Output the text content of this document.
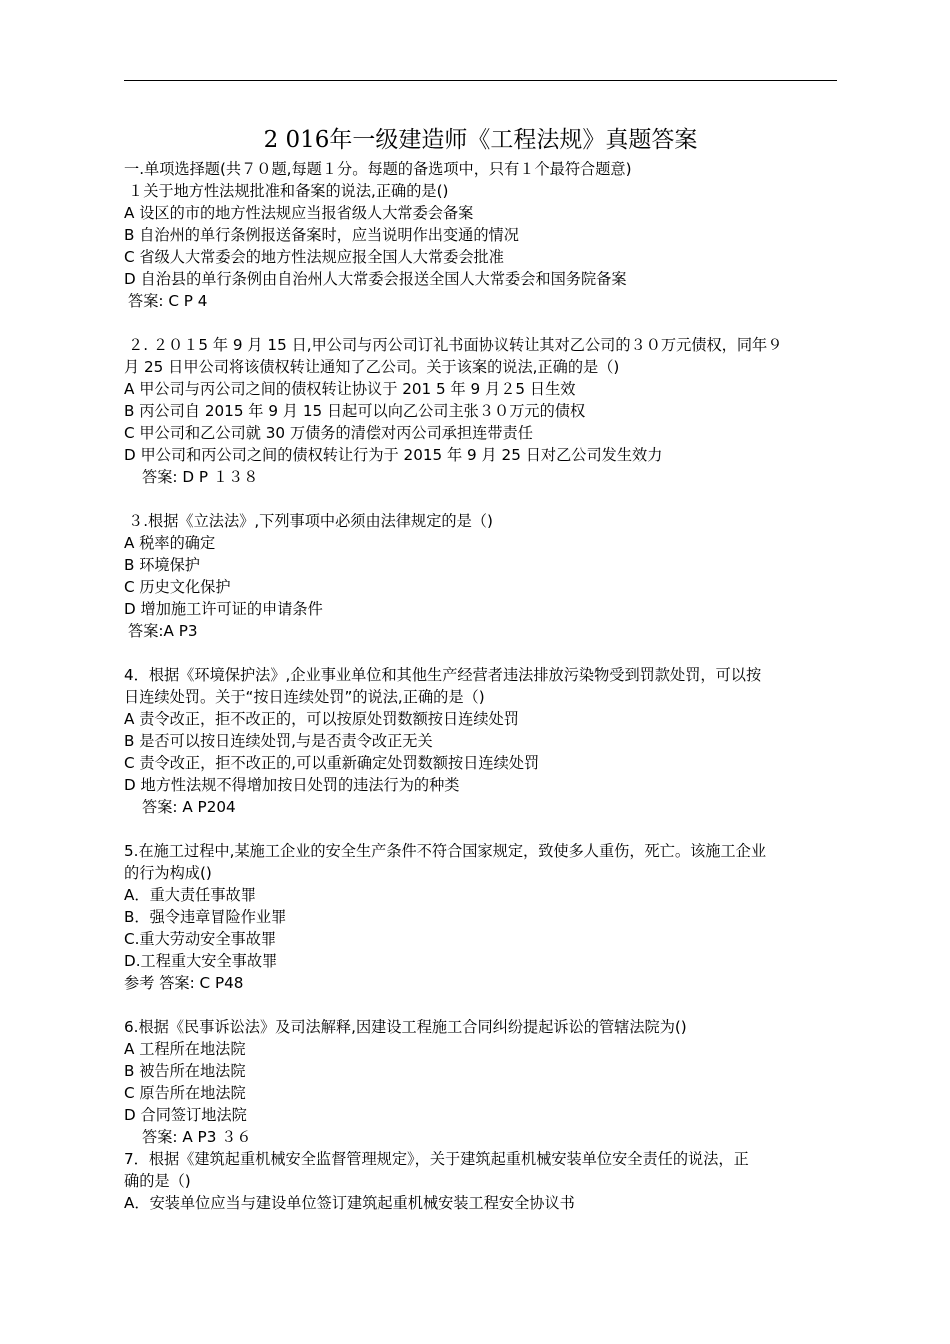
2 016年一级建造师《工程法规》真题答案
一.单项选择题(共７０题,每题１分。每题的备选项中，只有１个最符合题意)
１关于地方性法规批准和备案的说法,正确的是()
A 设区的市的地方性法规应当报省级人大常委会备案
B 自治州的单行条例报送备案时，应当说明作出变通的情况
C 省级人大常委会的地方性法规应报全国人大常委会批准
D 自治县的单行条例由自治州人大常委会报送全国人大常委会和国务院备案
答案: C P 4
２. ２０１5 年 9 月 15 日,甲公司与丙公司订礼书面协议转让其对乙公司的３０万元债权，同年９
月 25 日甲公司将该债权转让通知了乙公司。关于该案的说法,正确的是（)
A 甲公司与丙公司之间的债权转让协议于 201 5 年 9 月２5 日生效
B 丙公司自 2015 年 9 月 15 日起可以向乙公司主张３０万元的债权
C 甲公司和乙公司就 30 万债务的清偿对丙公司承担连带责任
D 甲公司和丙公司之间的债权转让行为于 2015 年 9 月 25 日对乙公司发生效力
答案: D P １３８
３.根据《立法法》,下列事项中必须由法律规定的是（)
A 税率的确定
B 环境保护
C 历史文化保护
D 增加施工许可证的申请条件
答案:A P3
4．根据《环境保护法》,企业事业单位和其他生产经营者违法排放污染物受到罚款处罚，可以按
日连续处罚。关于“按日连续处罚”的说法,正确的是（)
A 责令改正，拒不改正的，可以按原处罚数额按日连续处罚
B 是否可以按日连续处罚,与是否责令改正无关
C 责令改正，拒不改正的,可以重新确定处罚数额按日连续处罚
D 地方性法规不得增加按日处罚的违法行为的种类
答案: A P204
5.在施工过程中,某施工企业的安全生产条件不符合国家规定，致使多人重伤，死亡。该施工企业
的行为构成()
A．重大责任事故罪
B．强令违章冒险作业罪
C.重大劳动安全事故罪
D.工程重大安全事故罪
参考 答案: C P48
6.根据《民事诉讼法》及司法解释,因建设工程施工合同纠纷提起诉讼的管辖法院为()
A 工程所在地法院
B 被告所在地法院
C 原告所在地法院
D 合同签订地法院
答案: A P3 ３６
7．根据《建筑起重机械安全监督管理规定》，关于建筑起重机械安装单位安全责任的说法，正
确的是（)
A．安装单位应当与建设单位签订建筑起重机械安装工程安全协议书
